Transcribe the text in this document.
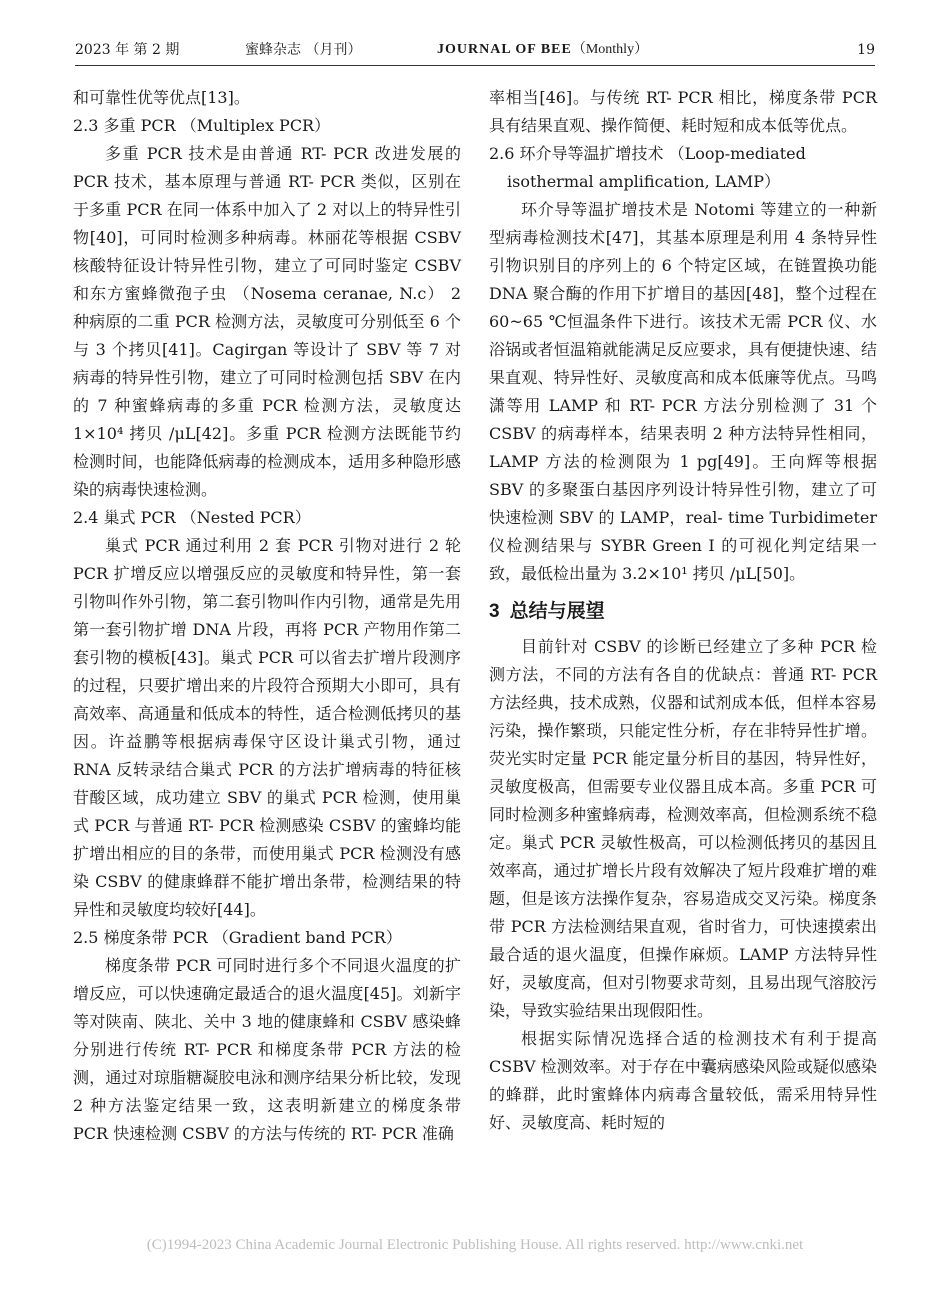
2023 年 第 2 期	蜜蜂杂志 （月刊）	JOURNAL OF BEE（Monthly）	19

和可靠性优等优点[13]。

2.3 多重 PCR （Multiplex PCR）

多重 PCR 技术是由普通 RT- PCR 改进发展的 PCR 技术，基本原理与普通 RT- PCR 类似，区别在于多重 PCR 在同一体系中加入了 2 对以上的特异性引物[40]，可同时检测多种病毒。林丽花等根据 CSBV 核酸特征设计特异性引物，建立了可同时鉴定 CSBV 和东方蜜蜂微孢子虫 （Nosema ceranae, N.c） 2 种病原的二重 PCR 检测方法，灵敏度可分别低至 6 个与 3 个拷贝[41]。Cagirgan 等设计了 SBV 等 7 对病毒的特异性引物，建立了可同时检测包括 SBV 在内的 7 种蜜蜂病毒的多重 PCR 检测方法，灵敏度达 1×10⁴ 拷贝 /μL[42]。多重 PCR 检测方法既能节约检测时间，也能降低病毒的检测成本，适用多种隐形感染的病毒快速检测。

2.4 巢式 PCR （Nested PCR）

巢式 PCR 通过利用 2 套 PCR 引物对进行 2 轮 PCR 扩增反应以增强反应的灵敏度和特异性，第一套引物叫作外引物，第二套引物叫作内引物，通常是先用第一套引物扩增 DNA 片段，再将 PCR 产物用作第二套引物的模板[43]。巢式 PCR 可以省去扩增片段测序的过程，只要扩增出来的片段符合预期大小即可，具有高效率、高通量和低成本的特性，适合检测低拷贝的基因。许益鹏等根据病毒保守区设计巢式引物，通过 RNA 反转录结合巢式 PCR 的方法扩增病毒的特征核苷酸区域，成功建立 SBV 的巢式 PCR 检测，使用巢式 PCR 与普通 RT- PCR 检测感染 CSBV 的蜜蜂均能扩增出相应的目的条带，而使用巢式 PCR 检测没有感染 CSBV 的健康蜂群不能扩增出条带，检测结果的特异性和灵敏度均较好[44]。

2.5 梯度条带 PCR （Gradient band PCR）

梯度条带 PCR 可同时进行多个不同退火温度的扩增反应，可以快速确定最适合的退火温度[45]。刘新宇等对陕南、陕北、关中 3 地的健康蜂和 CSBV 感染蜂分别进行传统 RT- PCR 和梯度条带 PCR 方法的检测，通过对琼脂糖凝胶电泳和测序结果分析比较，发现 2 种方法鉴定结果一致，这表明新建立的梯度条带 PCR 快速检测 CSBV 的方法与传统的 RT- PCR 准确

率相当[46]。与传统 RT- PCR 相比，梯度条带 PCR 具有结果直观、操作简便、耗时短和成本低等优点。

2.6 环介导等温扩增技术 （Loop-mediated
isothermal amplification, LAMP）

环介导等温扩增技术是 Notomi 等建立的一种新型病毒检测技术[47]，其基本原理是利用 4 条特异性引物识别目的序列上的 6 个特定区域，在链置换功能 DNA 聚合酶的作用下扩增目的基因[48]，整个过程在 60~65 ℃恒温条件下进行。该技术无需 PCR 仪、水浴锅或者恒温箱就能满足反应要求，具有便捷快速、结果直观、特异性好、灵敏度高和成本低廉等优点。马鸣潇等用 LAMP 和 RT- PCR 方法分别检测了 31 个 CSBV 的病毒样本，结果表明 2 种方法特异性相同，LAMP 方法的检测限为 1 pg[49]。王向辉等根据 SBV 的多聚蛋白基因序列设计特异性引物，建立了可快速检测 SBV 的 LAMP，real- time Turbidimeter 仪检测结果与 SYBR Green I 的可视化判定结果一致，最低检出量为 3.2×10¹ 拷贝 /μL[50]。

3 总结与展望

目前针对 CSBV 的诊断已经建立了多种 PCR 检测方法，不同的方法有各自的优缺点：普通 RT- PCR 方法经典，技术成熟，仪器和试剂成本低，但样本容易污染，操作繁琐，只能定性分析，存在非特异性扩增。荧光实时定量 PCR 能定量分析目的基因，特异性好，灵敏度极高，但需要专业仪器且成本高。多重 PCR 可同时检测多种蜜蜂病毒，检测效率高，但检测系统不稳定。巢式 PCR 灵敏性极高，可以检测低拷贝的基因且效率高，通过扩增长片段有效解决了短片段难扩增的难题，但是该方法操作复杂，容易造成交叉污染。梯度条带 PCR 方法检测结果直观，省时省力，可快速摸索出最合适的退火温度，但操作麻烦。LAMP 方法特异性好，灵敏度高，但对引物要求苛刻，且易出现气溶胶污染，导致实验结果出现假阳性。

根据实际情况选择合适的检测技术有利于提高 CSBV 检测效率。对于存在中囊病感染风险或疑似感染的蜂群，此时蜜蜂体内病毒含量较低，需采用特异性好、灵敏度高、耗时短的

(C)1994-2023 China Academic Journal Electronic Publishing House. All rights reserved. http://www.cnki.net
